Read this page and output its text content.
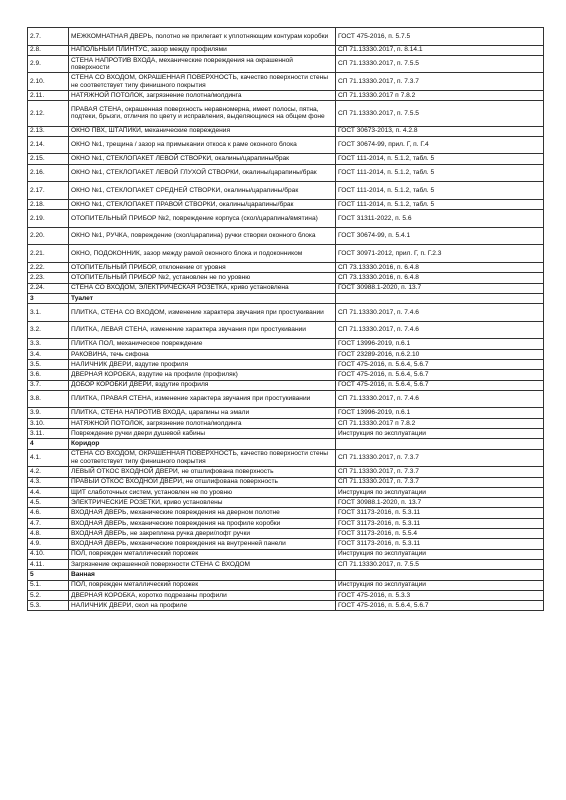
2.7.	МЕЖКОМНАТНАЯ ДВЕРЬ, полотно не прилегает к уплотняющим контурам коробки	ГОСТ 475-2016, п. 5.7.5
2.8.	НАПОЛЬНЫЙ ПЛИНТУС, зазор между профилями	СП 71.13330.2017, п. 8.14.1
2.9.	СТЕНА НАПРОТИВ ВХОДА, механические повреждения на окрашенной поверхности	СП 71.13330.2017, п. 7.5.5
2.10.	СТЕНА СО ВХОДОМ, ОКРАШЕННАЯ ПОВЕРХНОСТЬ, качество поверхности стены не соответствует типу финишного покрытия	СП 71.13330.2017, п. 7.3.7
2.11.	НАТЯЖНОЙ ПОТОЛОК, загрязнение полотна/молдинга	СП 71.13330.2017 п 7.8.2
2.12.	ПРАВАЯ СТЕНА, окрашенная поверхность неравномерна, имеет полосы, пятна, подтеки, брызги, отличия по цвету и исправления, выделяющиеся на общем фоне	СП 71.13330.2017, п. 7.5.5
2.13.	ОКНО ПВХ, ШТАПИКИ, механические повреждения	ГОСТ 30673-2013, п. 4.2.8
2.14.	ОКНО №1, трещина / зазор на примыкании откоса к раме оконного блока	ГОСТ 30674-99, прил. Г, п. Г.4
2.15.	ОКНО №1, СТЕКЛОПАКЕТ ЛЕВОЙ СТВОРКИ, окалины/царапины/брак	ГОСТ 111-2014, п. 5.1.2, табл. 5
2.16.	ОКНО №1, СТЕКЛОПАКЕТ ЛЕВОЙ ГЛУХОЙ СТВОРКИ, окалины/царапины/брак	ГОСТ 111-2014, п. 5.1.2, табл. 5
2.17.	ОКНО №1, СТЕКЛОПАКЕТ СРЕДНЕЙ СТВОРКИ, окалины/царапины/брак	ГОСТ 111-2014, п. 5.1.2, табл. 5
2.18.	ОКНО №1, СТЕКЛОПАКЕТ ПРАВОЙ СТВОРКИ, окалины/царапины/брак	ГОСТ 111-2014, п. 5.1.2, табл. 5
2.19.	ОТОПИТЕЛЬНЫЙ ПРИБОР №2, повреждение корпуса (скол/царапина/вмятина)	ГОСТ 31311-2022, п. 5.6
2.20.	ОКНО №1, РУЧКА, повреждение (скол/царапина) ручки створки оконного блока	ГОСТ 30674-99, п. 5.4.1
2.21.	ОКНО, ПОДОКОННИК, зазор между рамой оконного блока и подоконником	ГОСТ 30971-2012, прил. Г, п. Г.2.3
2.22.	ОТОПИТЕЛЬНЫЙ ПРИБОР, отклонение от уровня	СП 73.13330.2016, п. 6.4.8
2.23.	ОТОПИТЕЛЬНЫЙ ПРИБОР №2, установлен не по уровню	СП 73.13330.2016, п. 6.4.8
2.24.	СТЕНА СО ВХОДОМ, ЭЛЕКТРИЧЕСКАЯ РОЗЕТКА, криво установлена	ГОСТ 30988.1-2020, п. 13.7
3	Туалет	
3.1.	ПЛИТКА, СТЕНА СО ВХОДОМ, изменение характера звучания при простукивании	СП 71.13330.2017, п. 7.4.6
3.2.	ПЛИТКА, ЛЕВАЯ СТЕНА, изменение характера звучания при простукивании	СП 71.13330.2017, п. 7.4.6
3.3.	ПЛИТКА ПОЛ, механическое повреждение	ГОСТ 13996-2019, п.6.1
3.4.	РАКОВИНА, течь сифона	ГОСТ 23289-2016, п.6.2.10
3.5.	НАЛИЧНИК ДВЕРИ, вздутие профиля	ГОСТ 475-2016, п. 5.6.4, 5.6.7
3.6.	ДВЕРНАЯ КОРОБКА, вздутие на профиле (профиляк)	ГОСТ 475-2016, п. 5.6.4, 5.6.7
3.7.	ДОБОР КОРОБКИ ДВЕРИ, вздутие профиля	ГОСТ 475-2016, п. 5.6.4, 5.6.7
3.8.	ПЛИТКА, ПРАВАЯ СТЕНА, изменение характера звучания при простукивании	СП 71.13330.2017, п. 7.4.6
3.9.	ПЛИТКА, СТЕНА НАПРОТИВ ВХОДА, царапины на эмали	ГОСТ 13996-2019, п.6.1
3.10.	НАТЯЖНОЙ ПОТОЛОК, загрязнение полотна/молдинга	СП 71.13330.2017 п 7.8.2
3.11.	Повреждение ручки двери душевой кабины	Инструкция по эксплуатации
4	Коридор	
4.1.	СТЕНА СО ВХОДОМ, ОКРАШЕННАЯ ПОВЕРХНОСТЬ, качество поверхности стены не соответствует типу финишного покрытия	СП 71.13330.2017, п. 7.3.7
4.2.	ЛЕВЫЙ ОТКОС ВХОДНОЙ ДВЕРИ, не отшлифована поверхность	СП 71.13330.2017, п. 7.3.7
4.3.	ПРАВЫЙ ОТКОС ВХОДНОЙ ДВЕРИ, не отшлифована поверхность	СП 71.13330.2017, п. 7.3.7
4.4.	ЩИТ слаботочных систем, установлен не по уровню	Инструкция по эксплуатации
4.5.	ЭЛЕКТРИЧЕСКИЕ РОЗЕТКИ, криво установлены	ГОСТ 30988.1-2020, п. 13.7
4.6.	ВХОДНАЯ ДВЕРЬ, механические повреждения на дверном полотне	ГОСТ 31173-2016, п. 5.3.11
4.7.	ВХОДНАЯ ДВЕРЬ, механические повреждения на профиле коробки	ГОСТ 31173-2016, п. 5.3.11
4.8.	ВХОДНАЯ ДВЕРЬ, не закреплена ручка двери/лофт ручки	ГОСТ 31173-2016, п. 5.5.4
4.9.	ВХОДНАЯ ДВЕРЬ, механические повреждения на внутренней панели	ГОСТ 31173-2016, п. 5.3.11
4.10.	ПОЛ, поврежден металлический порожек	Инструкция по эксплуатации
4.11.	Загрязнение окрашенной поверхности СТЕНА С ВХОДОМ	СП 71.13330.2017, п. 7.5.5
5	Ванная	
5.1.	ПОЛ, поврежден металлический порожек	Инструкция по эксплуатации
5.2.	ДВЕРНАЯ КОРОБКА, коротко подрезаны профили	ГОСТ 475-2016, п. 5.3.3
5.3.	НАЛИЧНИК ДВЕРИ, скол на профиле	ГОСТ 475-2016, п. 5.6.4, 5.6.7
